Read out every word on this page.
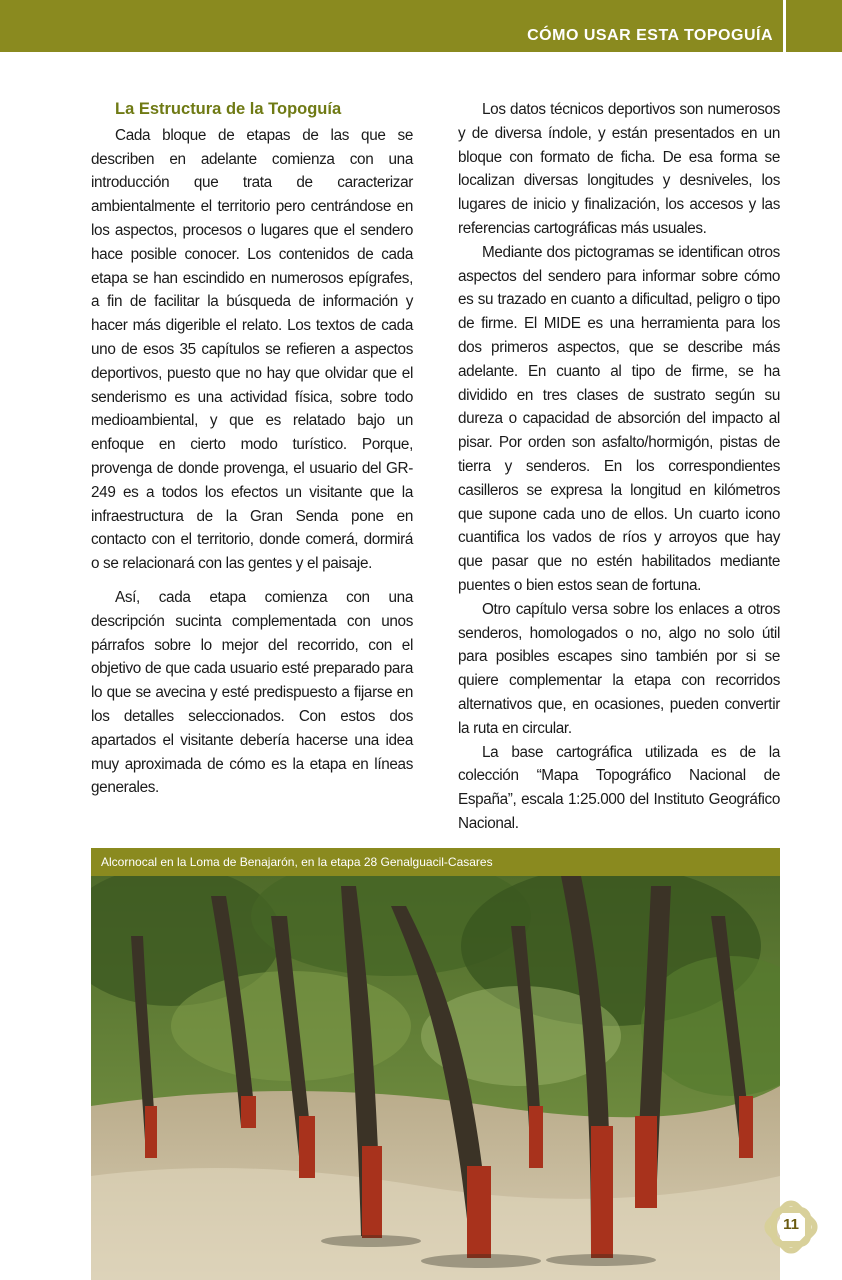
CÓMO USAR ESTA TOPOGUÍA
La Estructura de la Topoguía

Cada bloque de etapas de las que se describen en adelante comienza con una introducción que trata de caracterizar ambientalmente el territorio pero centrándose en los aspectos, procesos o lugares que el sendero hace posible conocer. Los contenidos de cada etapa se han escindido en numerosos epígrafes, a fin de facilitar la búsqueda de información y hacer más digerible el relato. Los textos de cada uno de esos 35 capítulos se refieren a aspectos deportivos, puesto que no hay que olvidar que el senderismo es una actividad física, sobre todo medioambiental, y que es relatado bajo un enfoque en cierto modo turístico. Porque, provenga de donde provenga, el usuario del GR-249 es a todos los efectos un visitante que la infraestructura de la Gran Senda pone en contacto con el territorio, donde comerá, dormirá o se relacionará con las gentes y el paisaje.

Así, cada etapa comienza con una descripción sucinta complementada con unos párrafos sobre lo mejor del recorrido, con el objetivo de que cada usuario esté preparado para lo que se avecina y esté predispuesto a fijarse en los detalles seleccionados. Con estos dos apartados el visitante debería hacerse una idea muy aproximada de cómo es la etapa en líneas generales.

Los datos técnicos deportivos son numerosos y de diversa índole, y están presentados en un bloque con formato de ficha. De esa forma se localizan diversas longitudes y desniveles, los lugares de inicio y finalización, los accesos y las referencias cartográficas más usuales.

Mediante dos pictogramas se identifican otros aspectos del sendero para informar sobre cómo es su trazado en cuanto a dificultad, peligro o tipo de firme. El MIDE es una herramienta para los dos primeros aspectos, que se describe más adelante. En cuanto al tipo de firme, se ha dividido en tres clases de sustrato según su dureza o capacidad de absorción del impacto al pisar. Por orden son asfalto/hormigón, pistas de tierra y senderos. En los correspondientes casilleros se expresa la longitud en kilómetros que supone cada uno de ellos. Un cuarto icono cuantifica los vados de ríos y arroyos que hay que pasar que no estén habilitados mediante puentes o bien estos sean de fortuna.

Otro capítulo versa sobre los enlaces a otros senderos, homologados o no, algo no solo útil para posibles escapes sino también por si se quiere complementar la etapa con recorridos alternativos que, en ocasiones, pueden convertir la ruta en circular.

La base cartográfica utilizada es de la colección “Mapa Topográfico Nacional de España”, escala 1:25.000 del Instituto Geográfico Nacional.

Alcornocal en la Loma de Benajarón, en la etapa 28 Genalguacil-Casares
11
